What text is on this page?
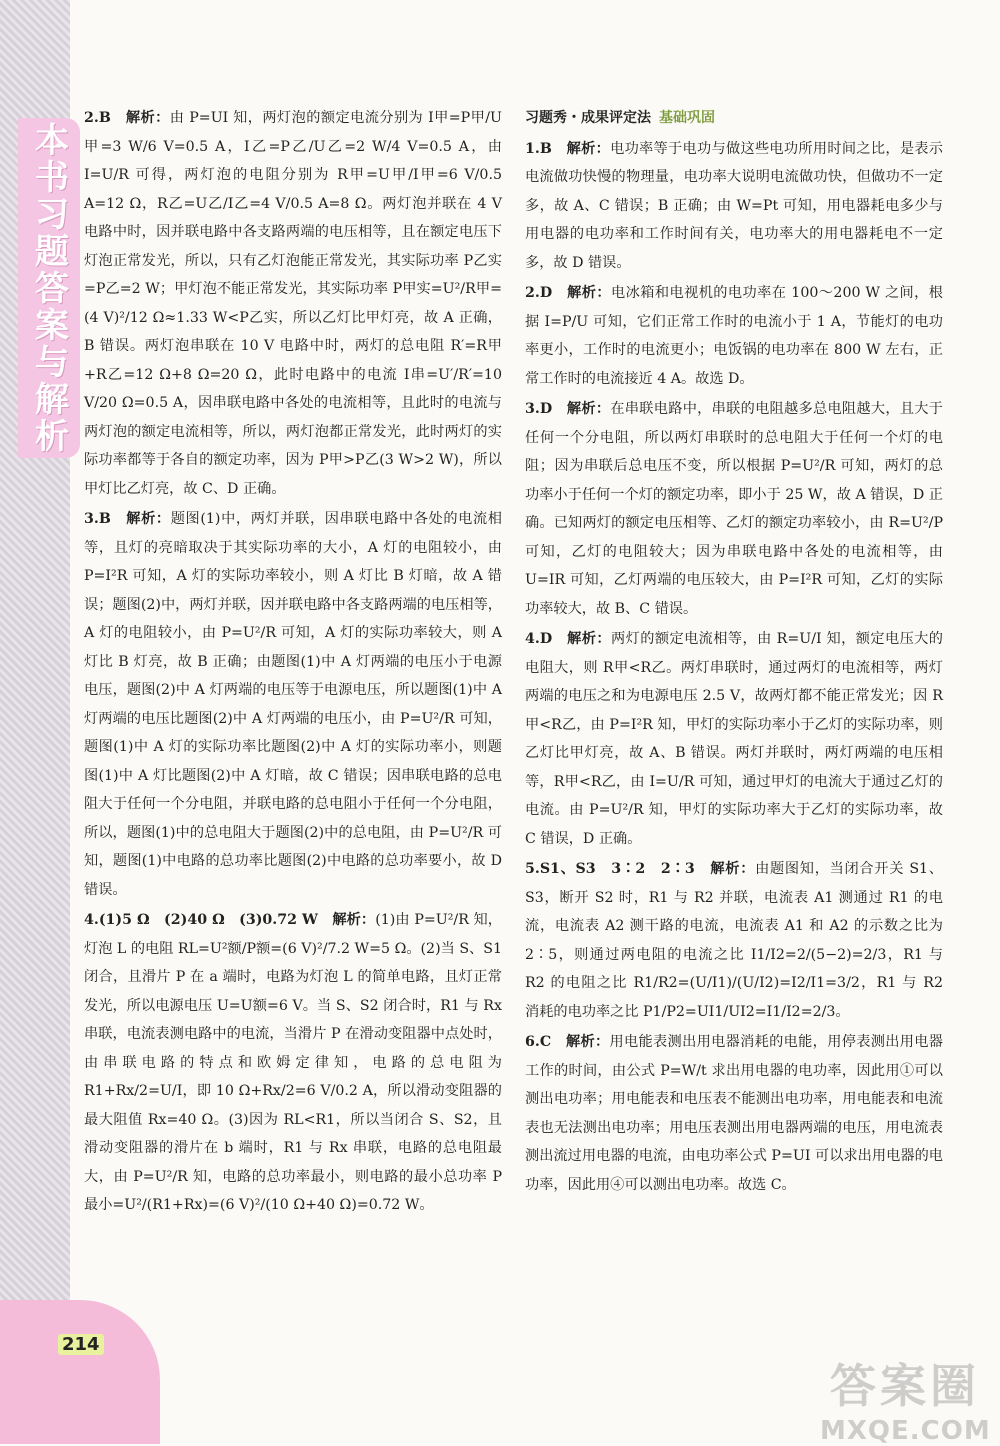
本书习题答案与解析
214
答案圈
MXQE.COM

2.B　 解析：由 P=UI 知，两灯泡的额定电流分别为 I甲=P甲/U甲=3 W/6 V=0.5 A，I乙=P乙/U乙=2 W/4 V=0.5 A，由 I=U/R 可得，两灯泡的电阻分别为 R甲=U甲/I甲=6 V/0.5 A=12 Ω，R乙=U乙/I乙=4 V/0.5 A=8 Ω。两灯泡并联在 4 V 电路中时，因并联电路中各支路两端的电压相等，且在额定电压下灯泡正常发光，所以，只有乙灯泡能正常发光，其实际功率 P乙实=P乙=2 W；甲灯泡不能正常发光，其实际功率 P甲实=U²/R甲=(4 V)²/12 Ω≈1.33 W<P乙实，所以乙灯比甲灯亮，故 A 正确，B 错误。两灯泡串联在 10 V 电路中时，两灯的总电阻 R′=R甲+R乙=12 Ω+8 Ω=20 Ω，此时电路中的电流 I串=U′/R′=10 V/20 Ω=0.5 A，因串联电路中各处的电流相等，且此时的电流与两灯泡的额定电流相等，所以，两灯泡都正常发光，此时两灯的实际功率都等于各自的额定功率，因为 P甲>P乙(3 W>2 W)，所以甲灯比乙灯亮，故 C、D 正确。

3.B　 解析：题图(1)中，两灯并联，因串联电路中各处的电流相等，且灯的亮暗取决于其实际功率的大小，A 灯的电阻较小，由 P=I²R 可知，A 灯的实际功率较小，则 A 灯比 B 灯暗，故 A 错误；题图(2)中，两灯并联，因并联电路中各支路两端的电压相等，A 灯的电阻较小，由 P=U²/R 可知，A 灯的实际功率较大，则 A 灯比 B 灯亮，故 B 正确；由题图(1)中 A 灯两端的电压小于电源电压，题图(2)中 A 灯两端的电压等于电源电压，所以题图(1)中 A 灯两端的电压比题图(2)中 A 灯两端的电压小，由 P=U²/R 可知，题图(1)中 A 灯的实际功率比题图(2)中 A 灯的实际功率小，则题图(1)中 A 灯比题图(2)中 A 灯暗，故 C 错误；因串联电路的总电阻大于任何一个分电阻，并联电路的总电阻小于任何一个分电阻，所以，题图(1)中的总电阻大于题图(2)中的总电阻，由 P=U²/R 可知，题图(1)中电路的总功率比题图(2)中电路的总功率要小，故 D 错误。

4.(1)5 Ω　(2)40 Ω　(3)0.72 W　 解析：(1)由 P=U²/R 知，灯泡 L 的电阻 RL=U²额/P额=(6 V)²/7.2 W=5 Ω。(2)当 S、S1 闭合，且滑片 P 在 a 端时，电路为灯泡 L 的简单电路，且灯正常发光，所以电源电压 U=U额=6 V。当 S、S2 闭合时，R1 与 Rx 串联，电流表测电路中的电流，当滑片 P 在滑动变阻器中点处时，由串联电路的特点和欧姆定律知，电路的总电阻为 R1+Rx/2=U/I，即 10 Ω+Rx/2=6 V/0.2 A，所以滑动变阻器的最大阻值 Rx=40 Ω。(3)因为 RL<R1，所以当闭合 S、S2，且滑动变阻器的滑片在 b 端时，R1 与 Rx 串联，电路的总电阻最大，由 P=U²/R 知，电路的总功率最小，则电路的最小总功率 P最小=U²/(R1+Rx)=(6 V)²/(10 Ω+40 Ω)=0.72 W。

习题秀・成果评定法 基础巩固

1.B　 解析：电功率等于电功与做这些电功所用时间之比，是表示电流做功快慢的物理量，电功率大说明电流做功快，但做功不一定多，故 A、C 错误；B 正确；由 W=Pt 可知，用电器耗电多少与用电器的电功率和工作时间有关，电功率大的用电器耗电不一定多，故 D 错误。

2.D　 解析：电冰箱和电视机的电功率在 100～200 W 之间，根据 I=P/U 可知，它们正常工作时的电流小于 1 A，节能灯的电功率更小，工作时的电流更小；电饭锅的电功率在 800 W 左右，正常工作时的电流接近 4 A。故选 D。

3.D　 解析：在串联电路中，串联的电阻越多总电阻越大，且大于任何一个分电阻，所以两灯串联时的总电阻大于任何一个灯的电阻；因为串联后总电压不变，所以根据 P=U²/R 可知，两灯的总功率小于任何一个灯的额定功率，即小于 25 W，故 A 错误，D 正确。已知两灯的额定电压相等、乙灯的额定功率较小，由 R=U²/P 可知，乙灯的电阻较大；因为串联电路中各处的电流相等，由 U=IR 可知，乙灯两端的电压较大，由 P=I²R 可知，乙灯的实际功率较大，故 B、C 错误。

4.D　 解析：两灯的额定电流相等，由 R=U/I 知，额定电压大的电阻大，则 R甲<R乙。两灯串联时，通过两灯的电流相等，两灯两端的电压之和为电源电压 2.5 V，故两灯都不能正常发光；因 R甲<R乙，由 P=I²R 知，甲灯的实际功率小于乙灯的实际功率，则乙灯比甲灯亮，故 A、B 错误。两灯并联时，两灯两端的电压相等，R甲<R乙，由 I=U/R 可知，通过甲灯的电流大于通过乙灯的电流。由 P=U²/R 知，甲灯的实际功率大于乙灯的实际功率，故 C 错误，D 正确。

5.S1、S3　3∶2　2∶3　 解析：由题图知，当闭合开关 S1、S3，断开 S2 时，R1 与 R2 并联，电流表 A1 测通过 R1 的电流，电流表 A2 测干路的电流，电流表 A1 和 A2 的示数之比为 2∶5，则通过两电阻的电流之比 I1/I2=2/(5−2)=2/3，R1 与 R2 的电阻之比 R1/R2=(U/I1)/(U/I2)=I2/I1=3/2，R1 与 R2 消耗的电功率之比 P1/P2=UI1/UI2=I1/I2=2/3。

6.C　 解析：用电能表测出用电器消耗的电能，用停表测出用电器工作的时间，由公式 P=W/t 求出用电器的电功率，因此用①可以测出电功率；用电能表和电压表不能测出电功率，用电能表和电流表也无法测出电功率；用电压表测出用电器两端的电压，用电流表测出流过用电器的电流，由电功率公式 P=UI 可以求出用电器的电功率，因此用④可以测出电功率。故选 C。
